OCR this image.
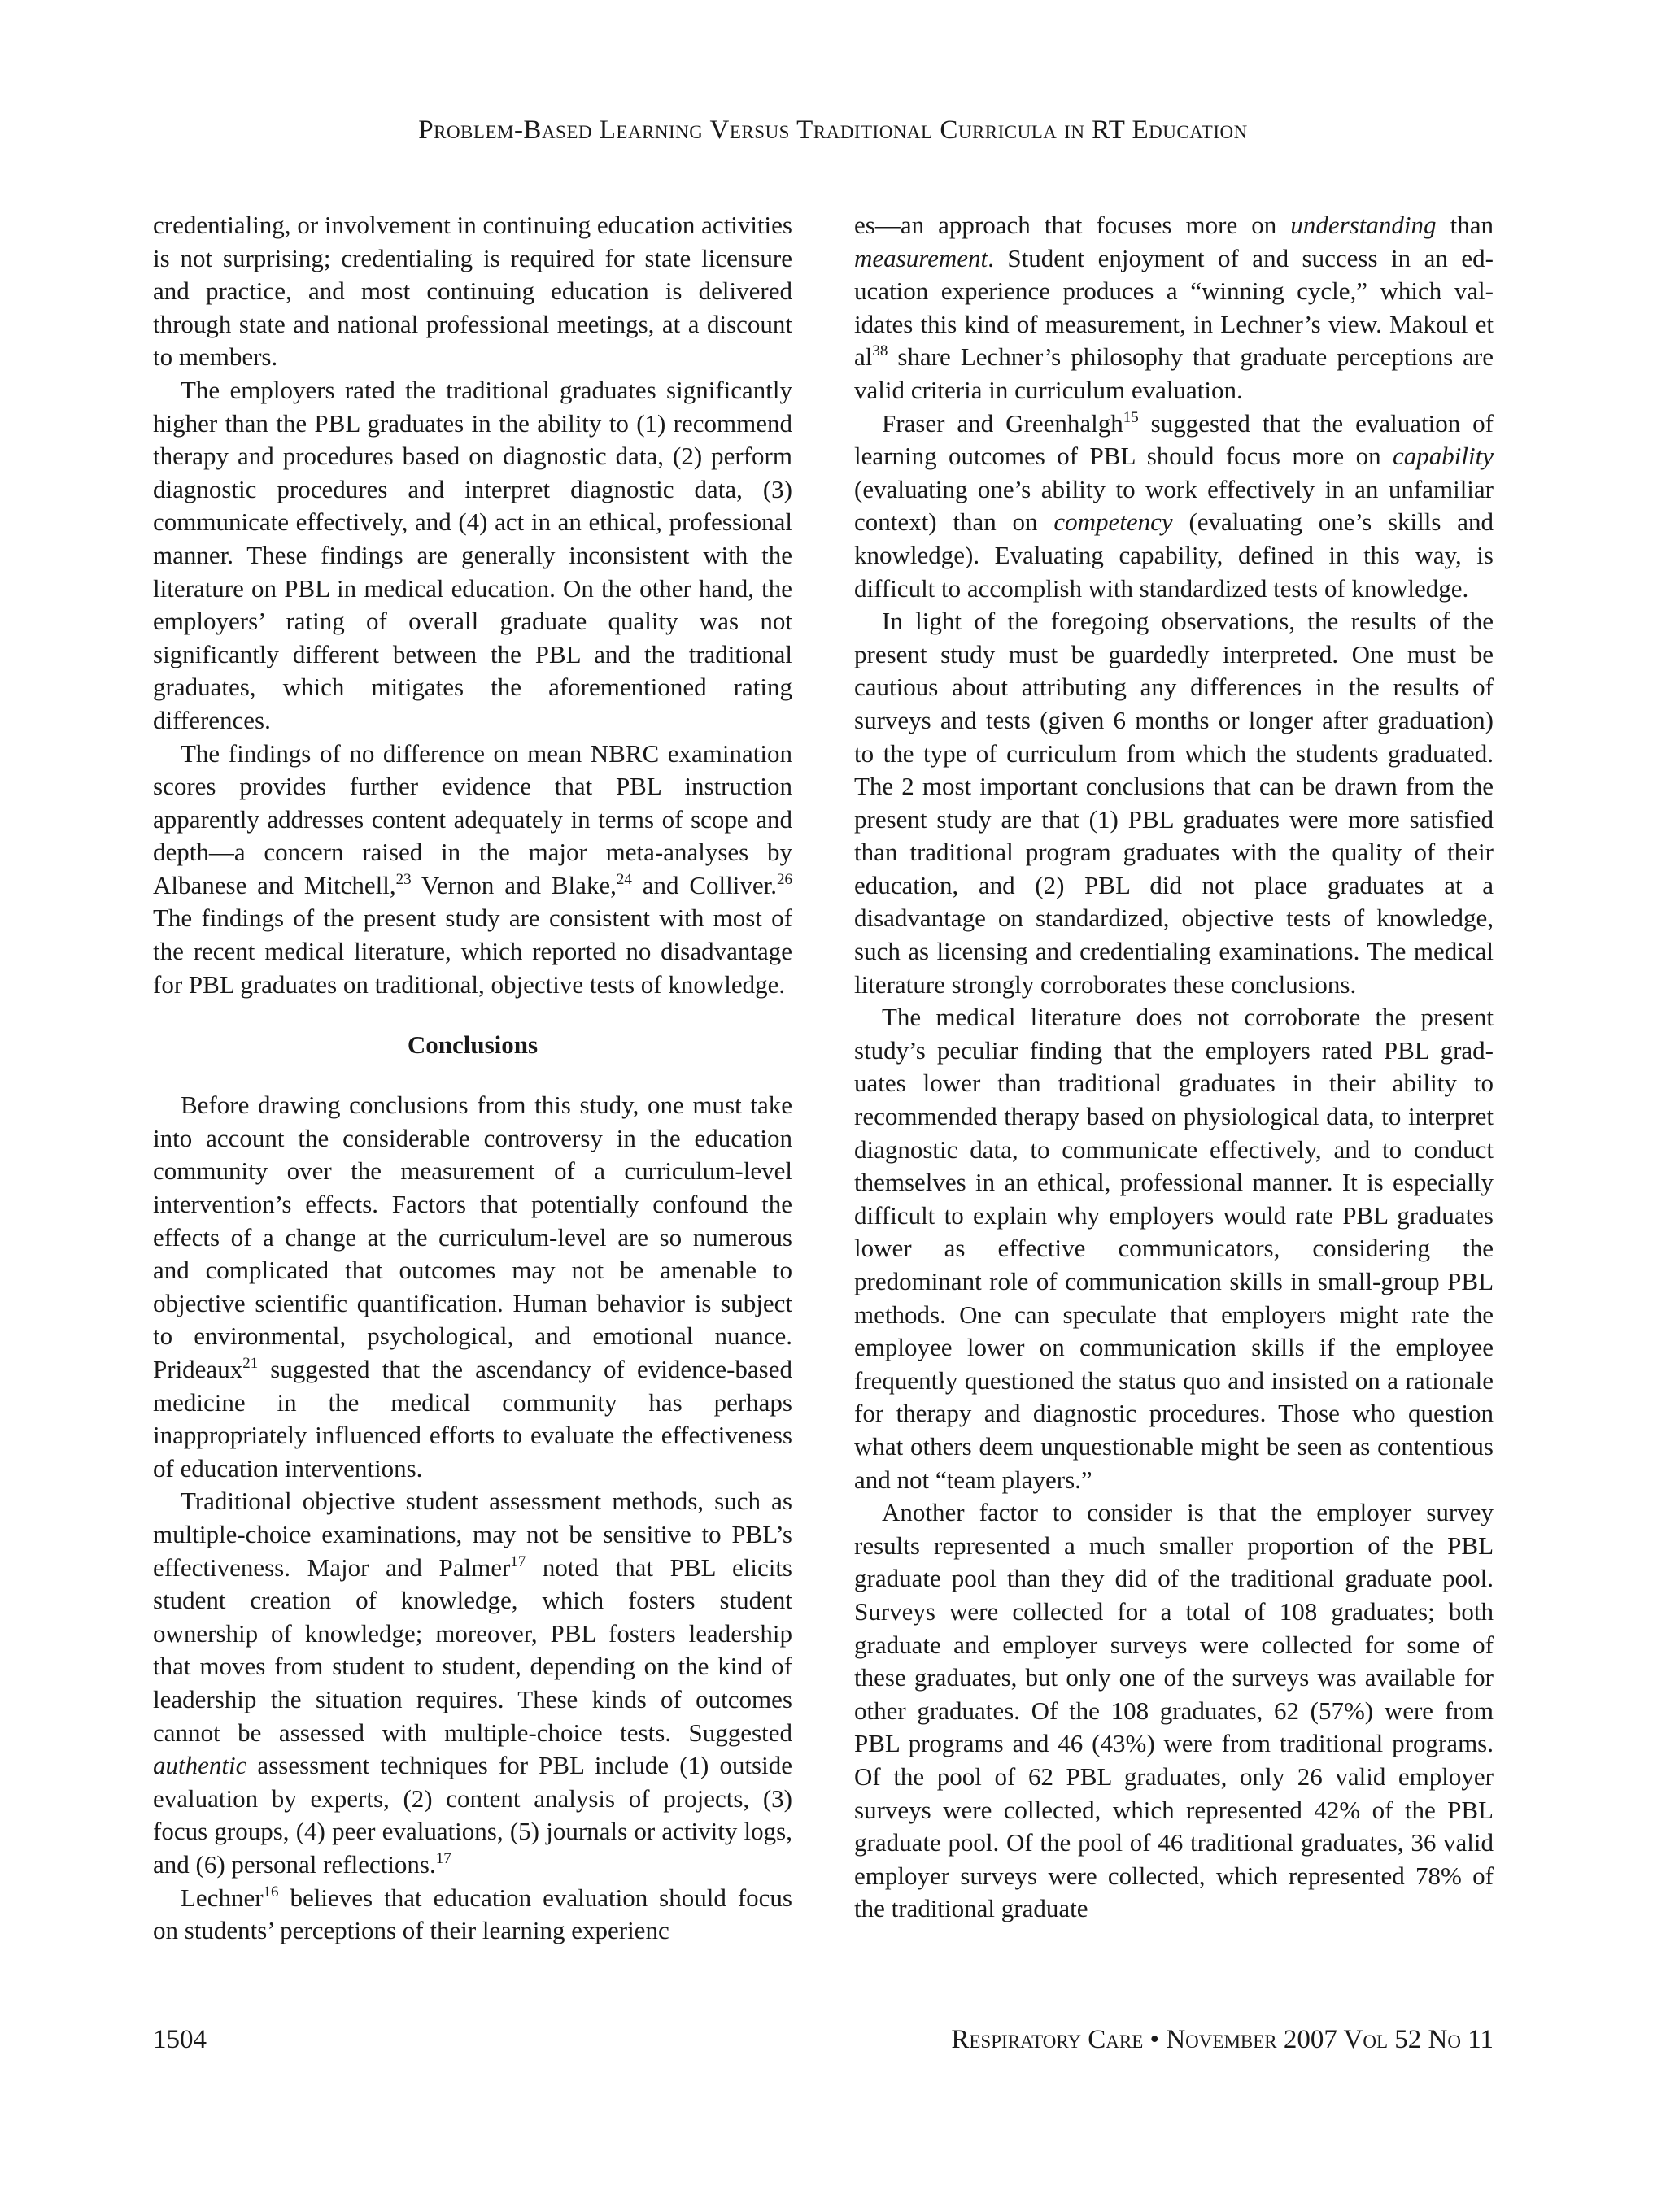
Problem-Based Learning Versus Traditional Curricula in RT Education

credentialing, or involvement in continuing education activities is not surprising; credentialing is required for state licensure and practice, and most continuing education is delivered through state and national professional meetings, at a discount to members.

The employers rated the traditional graduates significantly higher than the PBL graduates in the ability to (1) recommend therapy and procedures based on diagnostic data, (2) perform diagnostic procedures and interpret diagnostic data, (3) communicate effectively, and (4) act in an ethical, professional manner. These findings are generally inconsistent with the literature on PBL in medical education. On the other hand, the employers’ rating of overall graduate quality was not significantly different between the PBL and the traditional graduates, which mitigates the aforementioned rating differences.

The findings of no difference on mean NBRC examination scores provides further evidence that PBL instruction apparently addresses content adequately in terms of scope and depth—a concern raised in the major meta-analyses by Albanese and Mitchell,$^{23}$ Vernon and Blake,$^{24}$ and Colliver.$^{26}$ The findings of the present study are consistent with most of the recent medical literature, which reported no disadvantage for PBL graduates on traditional, objective tests of knowledge.

Conclusions

Before drawing conclusions from this study, one must take into account the considerable controversy in the education community over the measurement of a curriculum-level intervention’s effects. Factors that potentially confound the effects of a change at the curriculum-level are so numerous and complicated that outcomes may not be amenable to objective scientific quantification. Human behavior is subject to environmental, psychological, and emotional nuance. Prideaux$^{21}$ suggested that the ascendancy of evidence-based medicine in the medical community has perhaps inappropriately influenced efforts to evaluate the effectiveness of education interventions.

Traditional objective student assessment methods, such as multiple-choice examinations, may not be sensitive to PBL’s effectiveness. Major and Palmer$^{17}$ noted that PBL elicits student creation of knowledge, which fosters student ownership of knowledge; moreover, PBL fosters leadership that moves from student to student, depending on the kind of leadership the situation requires. These kinds of outcomes cannot be assessed with multiple-choice tests. Suggested authentic assessment techniques for PBL include (1) outside evaluation by experts, (2) content analysis of projects, (3) focus groups, (4) peer evaluations, (5) journals or activity logs, and (6) personal reflections.$^{17}$

Lechner$^{16}$ believes that education evaluation should focus on students’ perceptions of their learning experienc

es—an approach that focuses more on understanding than measurement. Student enjoyment of and success in an education experience produces a “winning cycle,” which validates this kind of measurement, in Lechner’s view. Makoul et $al^{38}$ share Lechner’s philosophy that graduate perceptions are valid criteria in curriculum evaluation.

Fraser and Greenhalgh$^{15}$ suggested that the evaluation of learning outcomes of PBL should focus more on capability (evaluating one’s ability to work effectively in an unfamiliar context) than on competency (evaluating one’s skills and knowledge). Evaluating capability, defined in this way, is difficult to accomplish with standardized tests of knowledge.

In light of the foregoing observations, the results of the present study must be guardedly interpreted. One must be cautious about attributing any differences in the results of surveys and tests (given 6 months or longer after graduation) to the type of curriculum from which the students graduated. The 2 most important conclusions that can be drawn from the present study are that (1) PBL graduates were more satisfied than traditional program graduates with the quality of their education, and (2) PBL did not place graduates at a disadvantage on standardized, objective tests of knowledge, such as licensing and credentialing examinations. The medical literature strongly corroborates these conclusions.

The medical literature does not corroborate the present study’s peculiar finding that the employers rated PBL graduates lower than traditional graduates in their ability to recommended therapy based on physiological data, to interpret diagnostic data, to communicate effectively, and to conduct themselves in an ethical, professional manner. It is especially difficult to explain why employers would rate PBL graduates lower as effective communicators, considering the predominant role of communication skills in small-group PBL methods. One can speculate that employers might rate the employee lower on communication skills if the employee frequently questioned the status quo and insisted on a rationale for therapy and diagnostic procedures. Those who question what others deem unquestionable might be seen as contentious and not “team players.”

Another factor to consider is that the employer survey results represented a much smaller proportion of the PBL graduate pool than they did of the traditional graduate pool. Surveys were collected for a total of 108 graduates; both graduate and employer surveys were collected for some of these graduates, but only one of the surveys was available for other graduates. Of the 108 graduates, 62 (57%) were from PBL programs and 46 (43%) were from traditional programs. Of the pool of 62 PBL graduates, only 26 valid employer surveys were collected, which represented 42% of the PBL graduate pool. Of the pool of 46 traditional graduates, 36 valid employer surveys were collected, which represented 78% of the traditional graduate

1504	Respiratory Care • November 2007 Vol 52 No 11
